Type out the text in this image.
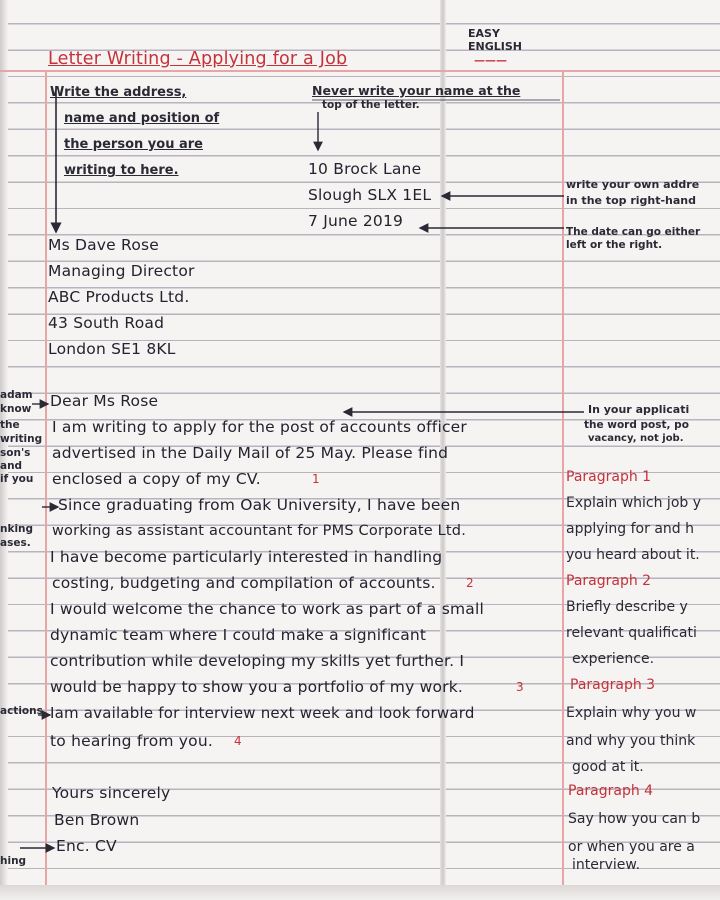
EASY
ENGLISH
———
Letter Writing - Applying for a Job
Write the address,
name and position of
the person you are
writing to here.
Never write your name at the
top of the letter.
10 Brock Lane
Slough SLX 1EL
7 June 2019
write your own addre
in the top right-hand
The date can go either
left or the right.
Ms Dave Rose
Managing Director
ABC Products Ltd.
43 South Road
London SE1 8KL
In your applicati
the word post, po
vacancy, not job.
adam
know
the
writing
son's
and
if you
nking
ases.
actions
hing
Dear Ms Rose
I am writing to apply for the post of accounts officer
advertised in the Daily Mail of 25 May. Please find
enclosed a copy of my CV.	1
Since graduating from Oak University, I have been
working as assistant accountant for PMS Corporate Ltd.
I have become particularly interested in handling
costing, budgeting and compilation of accounts.	2
I would welcome the chance to work as part of a small
dynamic team where I could make a significant
contribution while developing my skills yet further. I
would be happy to show you a portfolio of my work.	3
Iam available for interview next week and look forward
to hearing from you. 4
Yours sincerely
Ben Brown
Enc. CV
Paragraph 1
Explain which job y
applying for and h
you heard about it.
Paragraph 2
Briefly describe y
relevant qualificati
experience.
Paragraph 3
Explain why you w
and why you think
good at it.
Paragraph 4
Say how you can b
or when you are a
interview.
